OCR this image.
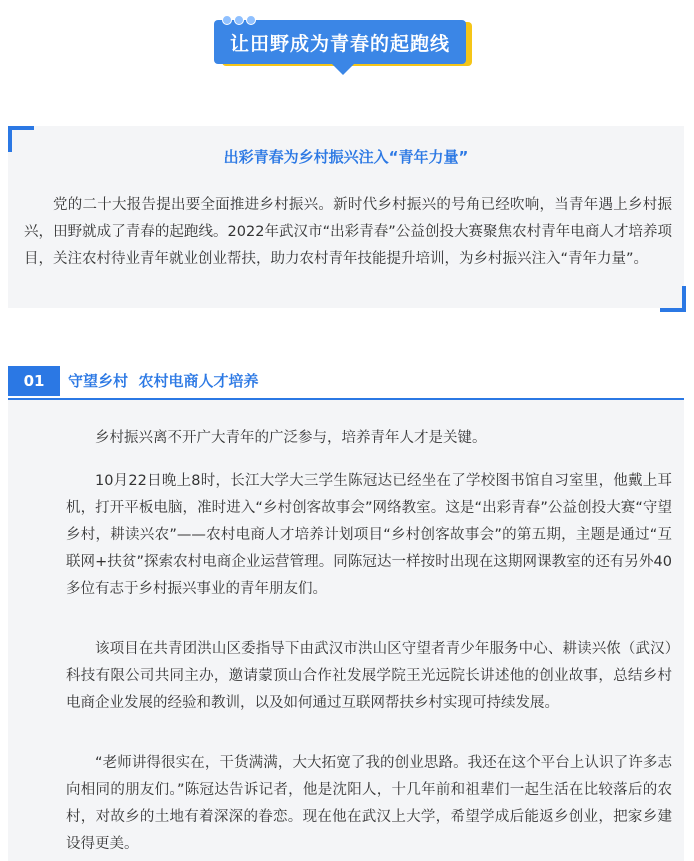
让田野成为青春的起跑线
出彩青春为乡村振兴注入“青年力量”

党的二十大报告提出要全面推进乡村振兴。新时代乡村振兴的号角已经吹响，当青年遇上乡村振兴，田野就成了青春的起跑线。2022年武汉市“出彩青春”公益创投大赛聚焦农村青年电商人才培养项目，关注农村待业青年就业创业帮扶，助力农村青年技能提升培训，为乡村振兴注入“青年力量”。

01	守望乡村  农村电商人才培养

乡村振兴离不开广大青年的广泛参与，培养青年人才是关键。

10月22日晚上8时，长江大学大三学生陈冠达已经坐在了学校图书馆自习室里，他戴上耳机，打开平板电脑，准时进入“乡村创客故事会”网络教室。这是“出彩青春”公益创投大赛“守望乡村，耕读兴农”——农村电商人才培养计划项目“乡村创客故事会”的第五期，主题是通过“互联网+扶贫”探索农村电商企业运营管理。同陈冠达一样按时出现在这期网课教室的还有另外40多位有志于乡村振兴事业的青年朋友们。

该项目在共青团洪山区委指导下由武汉市洪山区守望者青少年服务中心、耕读兴侬（武汉）科技有限公司共同主办，邀请蒙顶山合作社发展学院王光远院长讲述他的创业故事，总结乡村电商企业发展的经验和教训，以及如何通过互联网帮扶乡村实现可持续发展。

“老师讲得很实在，干货满满，大大拓宽了我的创业思路。我还在这个平台上认识了许多志向相同的朋友们。”陈冠达告诉记者，他是沈阳人，十几年前和祖辈们一起生活在比较落后的农村，对故乡的土地有着深深的眷恋。现在他在武汉上大学，希望学成后能返乡创业，把家乡建设得更美。
